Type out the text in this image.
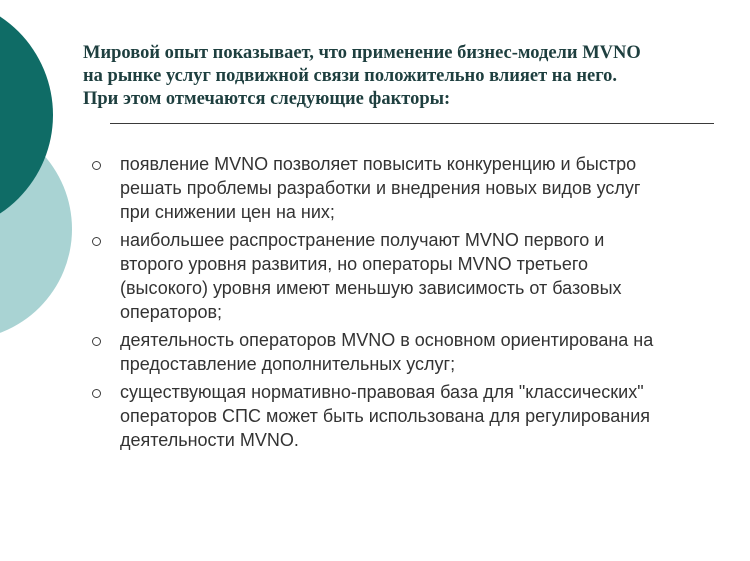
Мировой опыт показывает, что применение бизнес-модели MVNO
на рынке услуг подвижной связи положительно влияет на него.
При этом отмечаются следующие факторы:
появление MVNO позволяет повысить конкуренцию и быстро
решать проблемы разработки и внедрения новых видов услуг
при снижении цен на них;
наибольшее распространение получают MVNO первого и
второго уровня развития, но операторы MVNO третьего
(высокого) уровня имеют меньшую зависимость от базовых
операторов;
деятельность операторов MVNO в основном ориентирована на
предоставление дополнительных услуг;
существующая нормативно-правовая база для "классических"
операторов СПС может быть использована для регулирования
деятельности MVNO.
